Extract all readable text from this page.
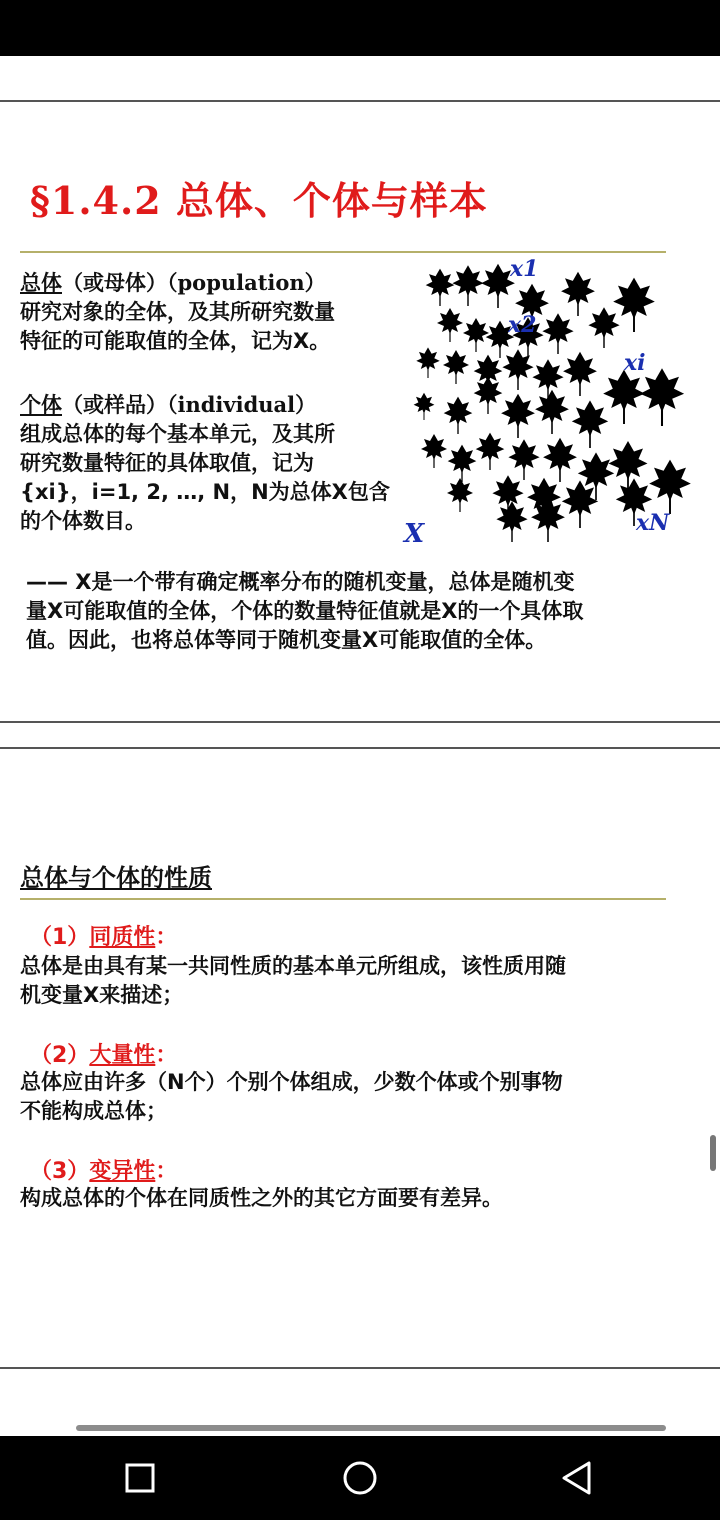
§1.4.2 总体、个体与样本
总体（或母体）（population）
研究对象的全体，及其所研究数量
特征的可能取值的全体，记为X。
个体（或样品）（individual）
组成总体的每个基本单元，及其所
研究数量特征的具体取值，记为
{xi}，i=1, 2, …, N，N为总体X包含
的个体数目。
x1
x2
xi
xN
X
—— X是一个带有确定概率分布的随机变量，总体是随机变
量X可能取值的全体，个体的数量特征值就是X的一个具体取
值。因此，也将总体等同于随机变量X可能取值的全体。
总体与个体的性质
（1）同质性：
总体是由具有某一共同性质的基本单元所组成，该性质用随
机变量X来描述；
（2）大量性：
总体应由许多（N个）个别个体组成，少数个体或个别事物
不能构成总体；
（3）变异性：
构成总体的个体在同质性之外的其它方面要有差异。
